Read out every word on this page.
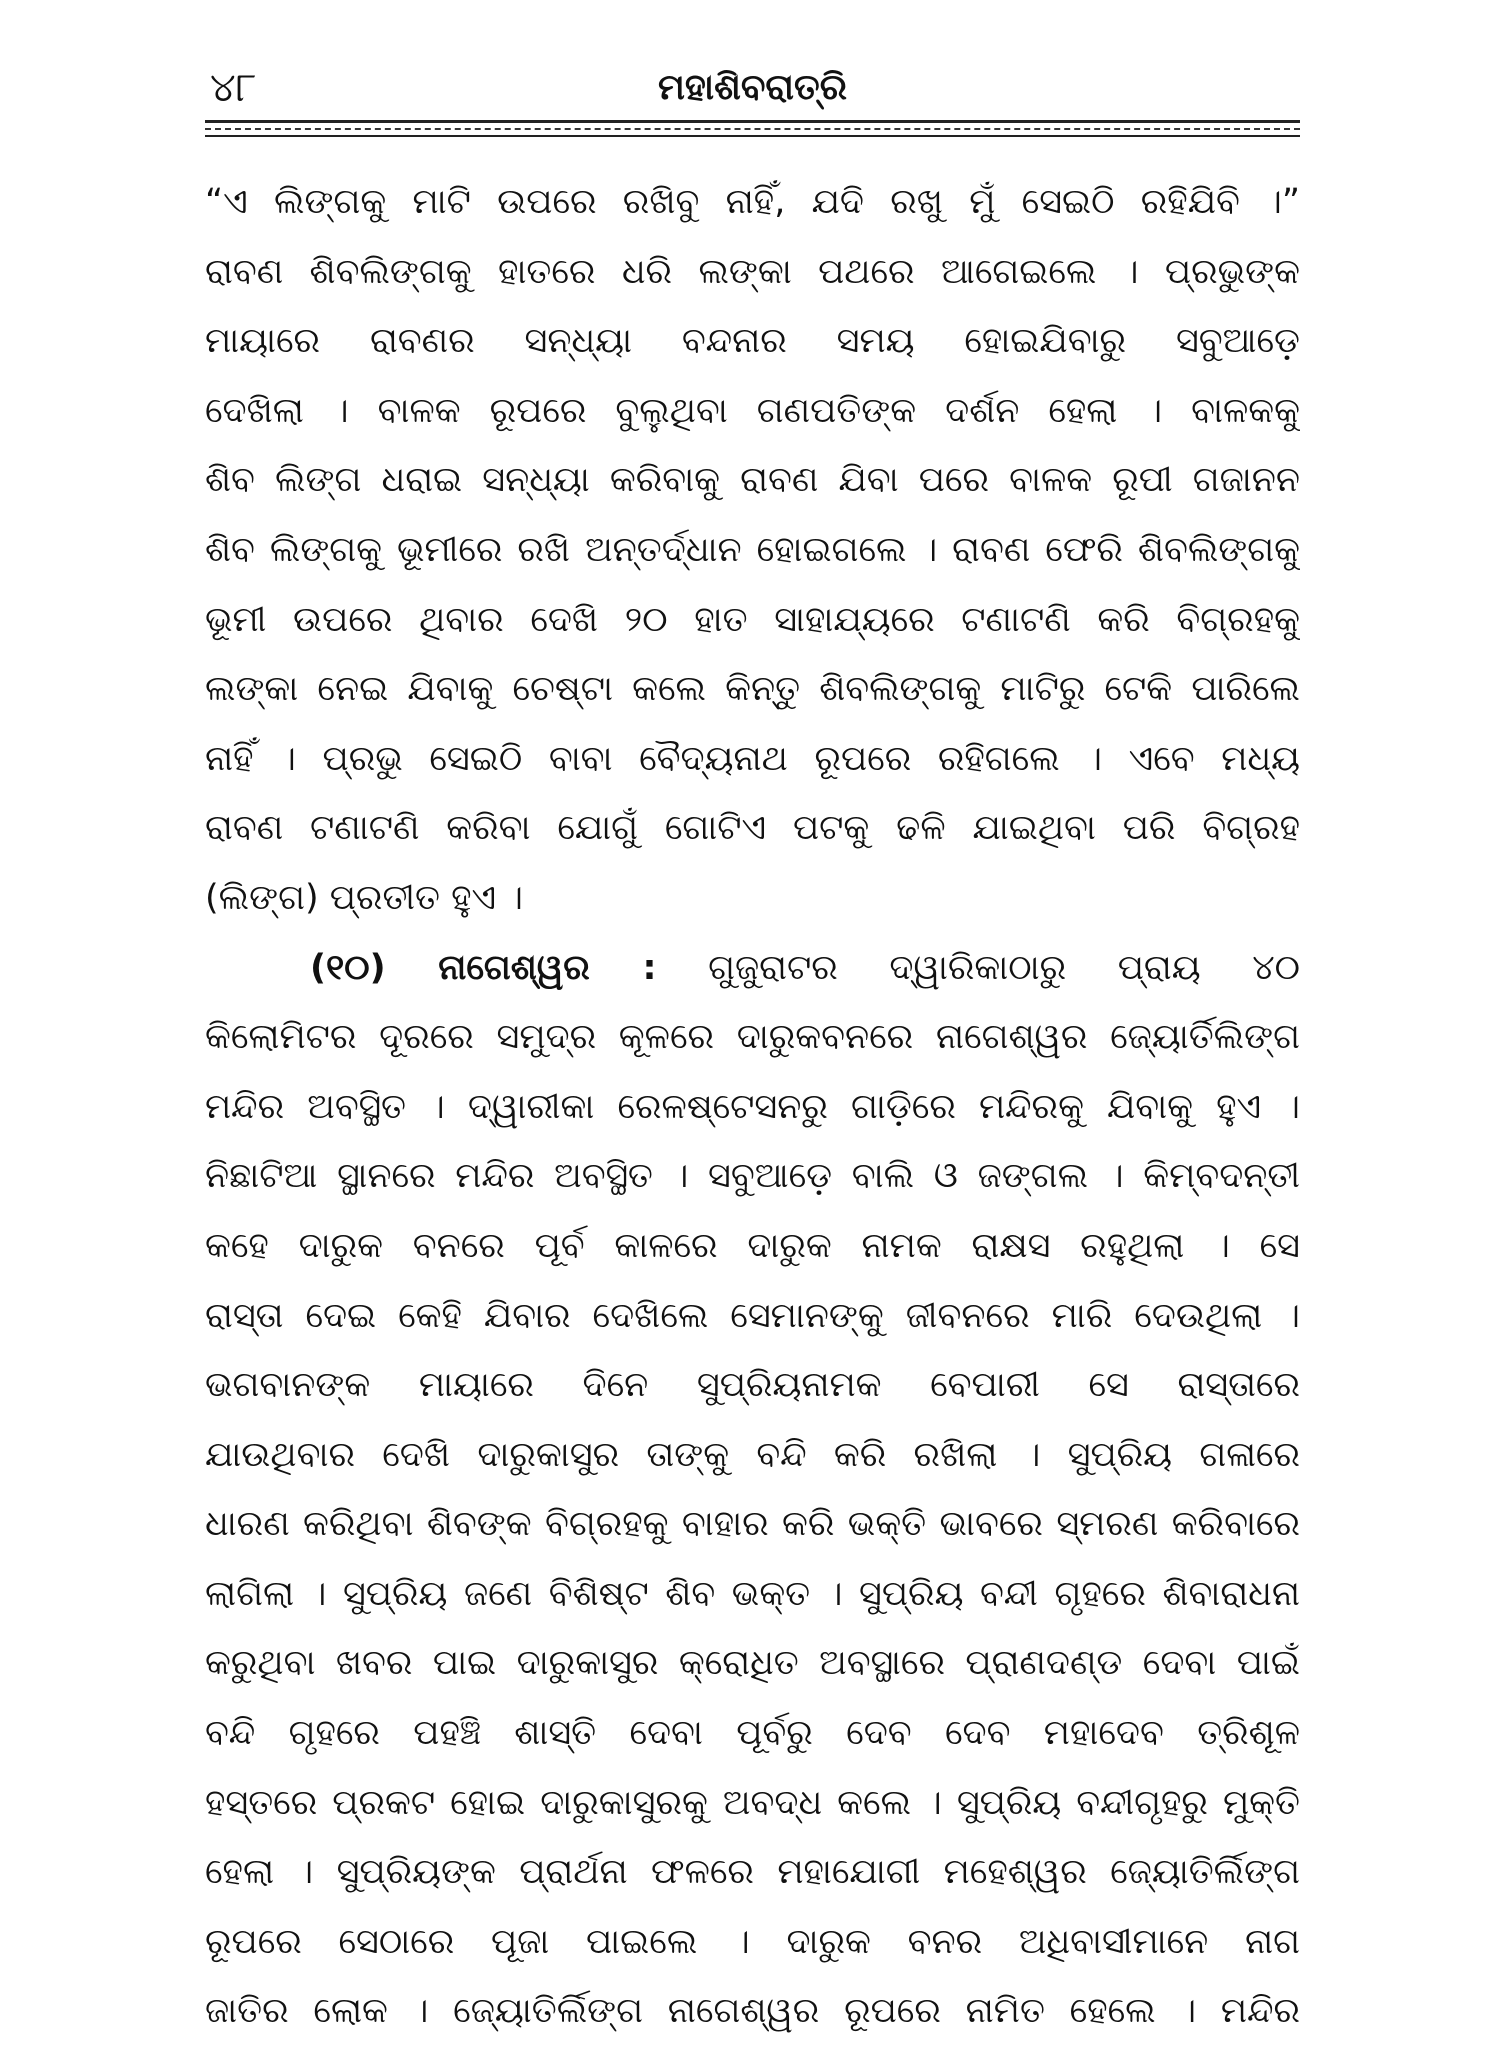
୪୮	ମହାଶିବରାତ୍ରି
“ଏ ଲିଙ୍ଗକୁ ମାଟି ଉପରେ ରଖିବୁ ନାହିଁ, ଯଦି ରଖୁ ମୁଁ ସେଇଠି ରହିଯିବି ।”
ରାବଣ ଶିବଲିଙ୍ଗକୁ ହାତରେ ଧରି ଲଙ୍କା ପଥରେ ଆଗେଇଲେ । ପ୍ରଭୁଙ୍କ
ମାୟାରେ ରାବଣର ସନ୍ଧ୍ୟା ବନ୍ଦନାର ସମୟ ହୋଇଯିବାରୁ ସବୁଆଡ଼େ
ଦେଖିଲା । ବାଳକ ରୂପରେ ବୁଲୁଥିବା ଗଣପତିଙ୍କ ଦର୍ଶନ ହେଲା । ବାଳକକୁ
ଶିବ ଲିଙ୍ଗ ଧରାଇ ସନ୍ଧ୍ୟା କରିବାକୁ ରାବଣ ଯିବା ପରେ ବାଳକ ରୂପୀ ଗଜାନନ
ଶିବ ଲିଙ୍ଗକୁ ଭୂମୀରେ ରଖି ଅନ୍ତର୍ଦ୍ଧାନ ହୋଇଗଲେ । ରାବଣ ଫେରି ଶିବଲିଙ୍ଗକୁ
ଭୂମୀ ଉପରେ ଥିବାର ଦେଖି ୨୦ ହାତ ସାହାଯ୍ୟରେ ଟଣାଟଣି କରି ବିଗ୍ରହକୁ
ଲଙ୍କା ନେଇ ଯିବାକୁ ଚେଷ୍ଟା କଲେ କିନ୍ତୁ ଶିବଲିଙ୍ଗକୁ ମାଟିରୁ ଟେକି ପାରିଲେ
ନାହିଁ । ପ୍ରଭୁ ସେଇଠି ବାବା ବୈଦ୍ୟନାଥ ରୂପରେ ରହିଗଲେ । ଏବେ ମଧ୍ୟ
ରାବଣ ଟଣାଟଣି କରିବା ଯୋଗୁଁ ଗୋଟିଏ ପଟକୁ ଢଳି ଯାଇଥିବା ପରି ବିଗ୍ରହ
(ଲିଙ୍ଗ) ପ୍ରତୀତ ହୁଏ ।
(୧୦) ନାଗେଶ୍ୱର : ଗୁଜୁରାଟର ଦ୍ୱାରିକାଠାରୁ ପ୍ରାୟ ୪୦
କିଲୋମିଟର ଦୂରରେ ସମୁଦ୍ର କୂଳରେ ଦାରୁକବନରେ ନାଗେଶ୍ୱର ଜ୍ୟୋର୍ତିଲିଙ୍ଗ
ମନ୍ଦିର ଅବସ୍ଥିତ । ଦ୍ୱାରୀକା ରେଳଷ୍ଟେସନରୁ ଗାଡ଼ିରେ ମନ୍ଦିରକୁ ଯିବାକୁ ହୁଏ ।
ନିଛାଟିଆ ସ୍ଥାନରେ ମନ୍ଦିର ଅବସ୍ଥିତ । ସବୁଆଡ଼େ ବାଲି ଓ ଜଙ୍ଗଲ । କିମ୍ବଦନ୍ତୀ
କହେ ଦାରୁକ ବନରେ ପୂର୍ବ କାଳରେ ଦାରୁକ ନାମକ ରାକ୍ଷସ ରହୁଥିଲା । ସେ
ରାସ୍ତା ଦେଇ କେହି ଯିବାର ଦେଖିଲେ ସେମାନଙ୍କୁ ଜୀବନରେ ମାରି ଦେଉଥିଲା ।
ଭଗବାନଙ୍କ ମାୟାରେ ଦିନେ ସୁପ୍ରିୟନାମକ ବେପାରୀ ସେ ରାସ୍ତାରେ
ଯାଉଥିବାର ଦେଖି ଦାରୁକାସୁର ତାଙ୍କୁ ବନ୍ଦି କରି ରଖିଲା । ସୁପ୍ରିୟ ଗଳାରେ
ଧାରଣ କରିଥିବା ଶିବଙ୍କ ବିଗ୍ରହକୁ ବାହାର କରି ଭକ୍ତି ଭାବରେ ସ୍ମରଣ କରିବାରେ
ଲାଗିଲା । ସୁପ୍ରିୟ ଜଣେ ବିଶିଷ୍ଟ ଶିବ ଭକ୍ତ । ସୁପ୍ରିୟ ବନ୍ଦୀ ଗୃହରେ ଶିବାରାଧନା
କରୁଥିବା ଖବର ପାଇ ଦାରୁକାସୁର କ୍ରୋଧିତ ଅବସ୍ଥାରେ ପ୍ରାଣଦଣ୍ଡ ଦେବା ପାଇଁ
ବନ୍ଦି ଗୃହରେ ପହଞ୍ଚି ଶାସ୍ତି ଦେବା ପୂର୍ବରୁ ଦେବ ଦେବ ମହାଦେବ ତ୍ରିଶୂଳ
ହସ୍ତରେ ପ୍ରକଟ ହୋଇ ଦାରୁକାସୁରକୁ ଅବଦ୍ଧ କଲେ । ସୁପ୍ରିୟ ବନ୍ଦୀଗୃହରୁ ମୁକ୍ତି
ହେଲା । ସୁପ୍ରିୟଙ୍କ ପ୍ରାର୍ଥନା ଫଳରେ ମହାଯୋଗୀ ମହେଶ୍ୱର ଜ୍ୟୋତିର୍ଲିଙ୍ଗ
ରୂପରେ ସେଠାରେ ପୂଜା ପାଇଲେ । ଦାରୁକ ବନର ଅଧିବାସୀମାନେ ନାଗ
ଜାତିର ଲୋକ । ଜ୍ୟୋତିର୍ଲିଙ୍ଗ ନାଗେଶ୍ୱର ରୂପରେ ନାମିତ ହେଲେ । ମନ୍ଦିର
